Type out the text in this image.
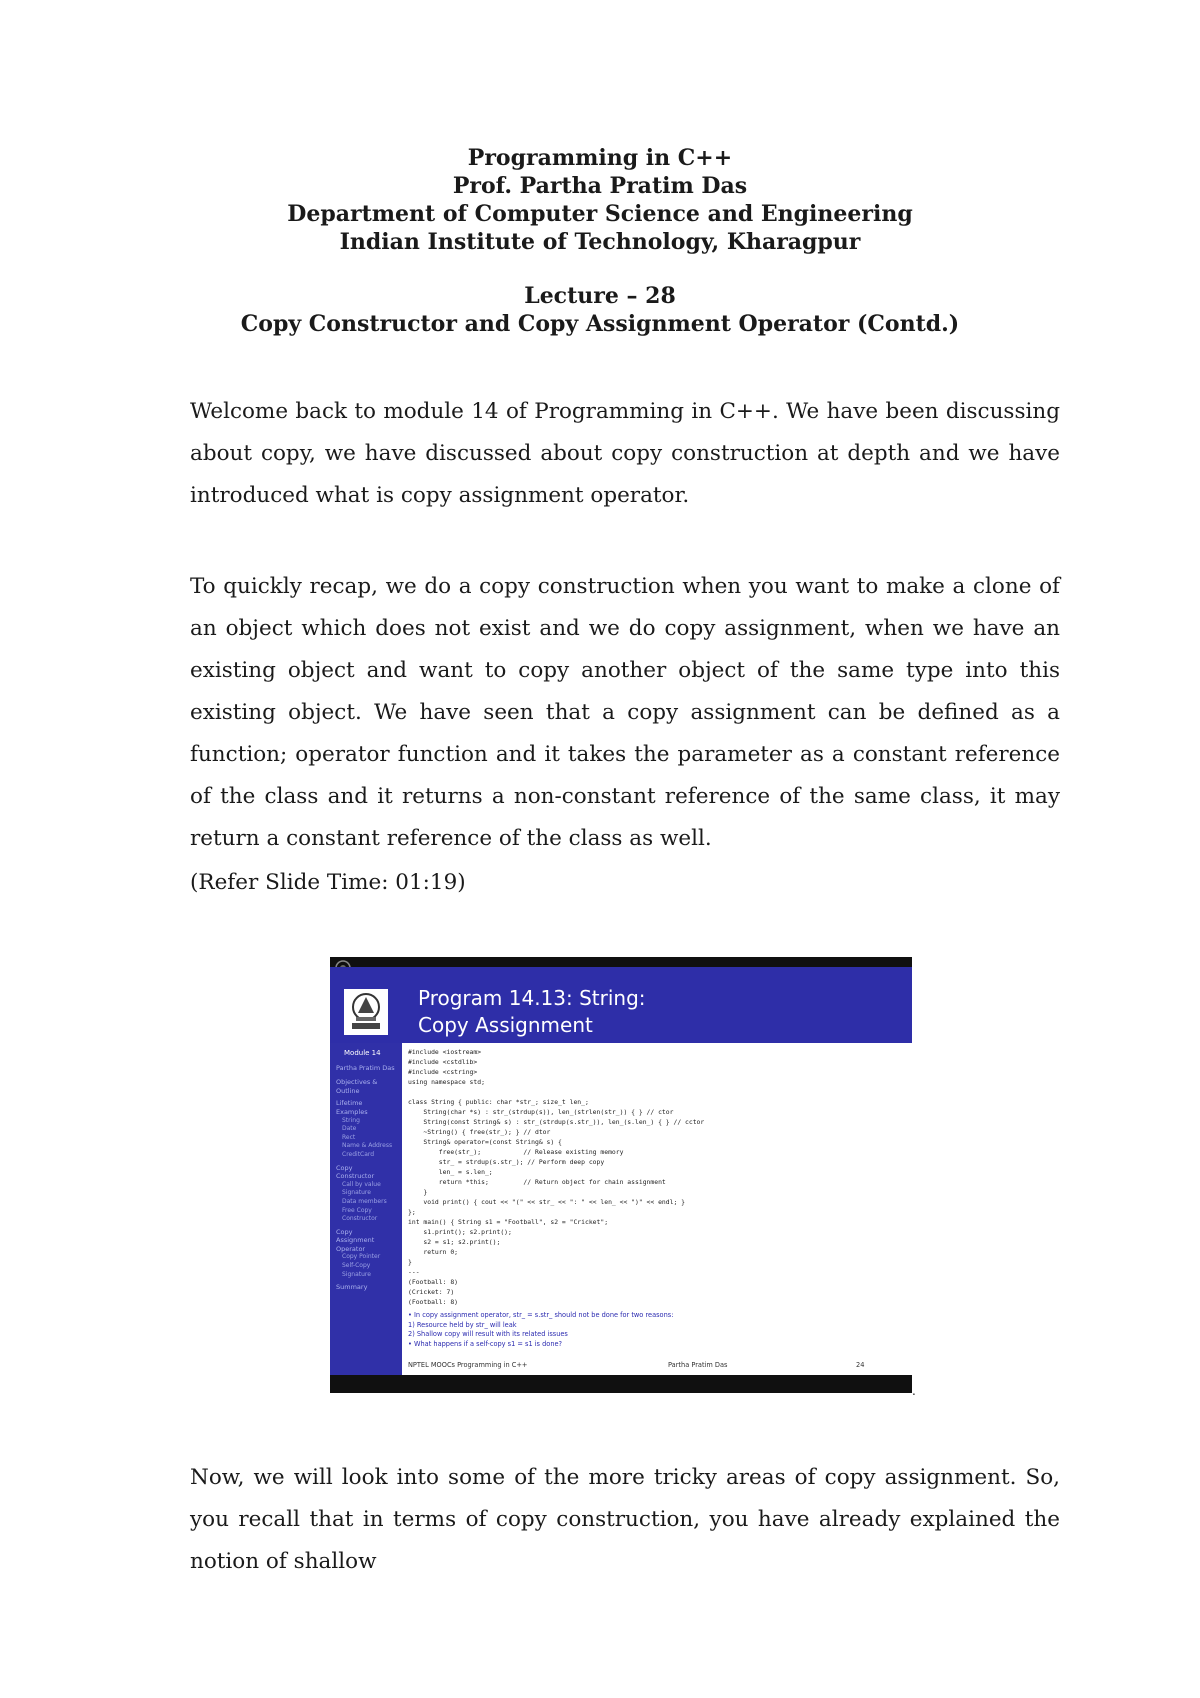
Programming in C++
Prof. Partha Pratim Das
Department of Computer Science and Engineering
Indian Institute of Technology, Kharagpur
Lecture – 28
Copy Constructor and Copy Assignment Operator (Contd.)
Welcome back to module 14 of Programming in C++. We have been discussing about copy, we have discussed about copy construction at depth and we have introduced what is copy assignment operator.
To quickly recap, we do a copy construction when you want to make a clone of an object which does not exist and we do copy assignment, when we have an existing object and want to copy another object of the same type into this existing object. We have seen that a copy assignment can be defined as a function; operator function and it takes the parameter as a constant reference of the class and it returns a non-constant reference of the same class, it may return a constant reference of the class as well.
(Refer Slide Time: 01:19)
Program 14.13: String:
Copy Assignment
Module 14
Partha Pratim Das
Objectives &
Outline
Lifetime
Examples
String
Date
Rect
Name & Address
CreditCard
Copy
Constructor
Call by value
Signature
Data members
Free Copy
Constructor
Copy
Assignment
Operator
Copy Pointer
Self-Copy
Signature
Summary
#include <iostream>
#include <cstdlib>
#include <cstring>
using namespace std;

class String { public: char *str_; size_t len_;
String(char *s) : str_(strdup(s)), len_(strlen(str_)) { } // ctor
String(const String& s) : str_(strdup(s.str_)), len_(s.len_) { } // cctor
~String() { free(str_); } // dtor
String& operator=(const String& s) {
free(str_);           // Release existing memory
str_ = strdup(s.str_); // Perform deep copy
len_ = s.len_;
return *this;         // Return object for chain assignment
}
void print() { cout << "(" << str_ << ": " << len_ << ")" << endl; }
};
int main() { String s1 = "Football", s2 = "Cricket";
s1.print(); s2.print();
s2 = s1; s2.print();
return 0;
}
---
(Football: 8)
(Cricket: 7)
(Football: 8)
• In copy assignment operator, str_ = s.str_ should not be done for two reasons:
1) Resource held by str_ will leak
2) Shallow copy will result with its related issues
• What happens if a self-copy s1 = s1 is done?
NPTEL MOOCs Programming in C++	Partha Pratim Das	24
.
Now, we will look into some of the more tricky areas of copy assignment. So, you recall that in terms of copy construction, you have already explained the notion of shallow
